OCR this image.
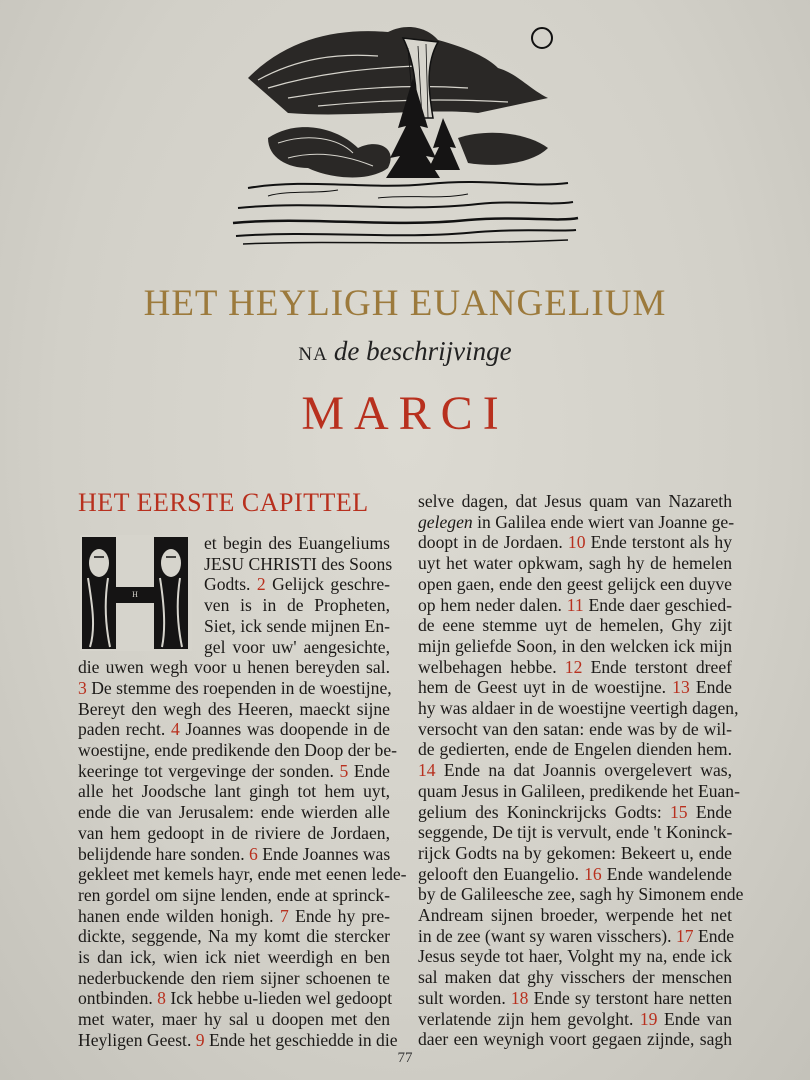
HET HEYLIGH EUANGELIUM
NA de beschrijvinge
MARCI
HET EERSTE CAPITTEL
H
et begin des Euangeliums
JESU CHRISTI des Soons
Godts. 2 Gelijck geschre-
ven is in de Propheten,
Siet, ick sende mijnen En-
gel voor uw' aengesichte,
die uwen wegh voor u henen bereyden sal.
3 De stemme des roependen in de woestijne,
Bereyt den wegh des Heeren, maeckt sijne
paden recht. 4 Joannes was doopende in de
woestijne, ende predikende den Doop der be-
keeringe tot vergevinge der sonden. 5 Ende
alle het Joodsche lant gingh tot hem uyt,
ende die van Jerusalem: ende wierden alle
van hem gedoopt in de riviere de Jordaen,
belijdende hare sonden. 6 Ende Joannes was
gekleet met kemels hayr, ende met eenen lede-
ren gordel om sijne lenden, ende at sprinck-
hanen ende wilden honigh. 7 Ende hy pre-
dickte, seggende, Na my komt die stercker
is dan ick, wien ick niet weerdigh en ben
nederbuckende den riem sijner schoenen te
ontbinden. 8 Ick hebbe u-lieden wel gedoopt
met water, maer hy sal u doopen met den
Heyligen Geest. 9 Ende het geschiedde in die
selve dagen, dat Jesus quam van Nazareth
gelegen in Galilea ende wiert van Joanne ge-
doopt in de Jordaen. 10 Ende terstont als hy
uyt het water opkwam, sagh hy de hemelen
open gaen, ende den geest gelijck een duyve
op hem neder dalen. 11 Ende daer geschied-
de eene stemme uyt de hemelen, Ghy zijt
mijn geliefde Soon, in den welcken ick mijn
welbehagen hebbe. 12 Ende terstont dreef
hem de Geest uyt in de woestijne. 13 Ende
hy was aldaer in de woestijne veertigh dagen,
versocht van den satan: ende was by de wil-
de gedierten, ende de Engelen dienden hem.
14 Ende na dat Joannis overgelevert was,
quam Jesus in Galileen, predikende het Euan-
gelium des Koninckrijcks Godts: 15 Ende
seggende, De tijt is vervult, ende 't Koninck-
rijck Godts na by gekomen: Bekeert u, ende
gelooft den Euangelio. 16 Ende wandelende
by de Galileesche zee, sagh hy Simonem ende
Andream sijnen broeder, werpende het net
in de zee (want sy waren visschers). 17 Ende
Jesus seyde tot haer, Volght my na, ende ick
sal maken dat ghy visschers der menschen
sult worden. 18 Ende sy terstont hare netten
verlatende zijn hem gevolght. 19 Ende van
daer een weynigh voort gegaen zijnde, sagh
77
